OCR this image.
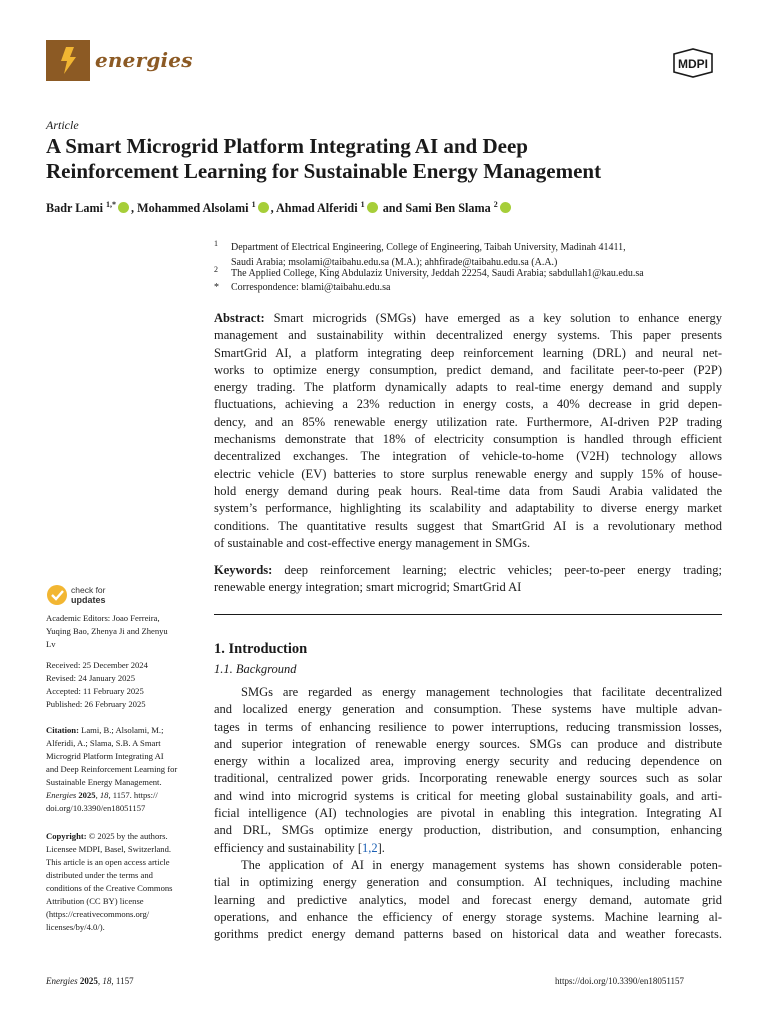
energies	MDPI
Article
A Smart Microgrid Platform Integrating AI and Deep
Reinforcement Learning for Sustainable Energy Management
Badr Lami $^{1,*}$ , Mohammed Alsolami $^1$ , Ahmad Alferidi $^1$ and Sami Ben Slama $^2$
1 Department of Electrical Engineering, College of Engineering, Taibah University, Madinah 41411,
Saudi Arabia; msolami@taibahu.edu.sa (M.A.); ahhfirade@taibahu.edu.sa (A.A.)
2 The Applied College, King Abdulaziz University, Jeddah 22254, Saudi Arabia; sabdullah1@kau.edu.sa
* Correspondence: blami@taibahu.edu.sa
Abstract: Smart microgrids (SMGs) have emerged as a key solution to enhance energy
management and sustainability within decentralized energy systems. This paper presents
SmartGrid AI, a platform integrating deep reinforcement learning (DRL) and neural net-
works to optimize energy consumption, predict demand, and facilitate peer-to-peer (P2P)
energy trading. The platform dynamically adapts to real-time energy demand and supply
fluctuations, achieving a 23% reduction in energy costs, a 40% decrease in grid depen-
dency, and an 85% renewable energy utilization rate. Furthermore, AI-driven P2P trading
mechanisms demonstrate that 18% of electricity consumption is handled through efficient
decentralized exchanges. The integration of vehicle-to-home (V2H) technology allows
electric vehicle (EV) batteries to store surplus renewable energy and supply 15% of house-
hold energy demand during peak hours. Real-time data from Saudi Arabia validated the
system’s performance, highlighting its scalability and adaptability to diverse energy market
conditions. The quantitative results suggest that SmartGrid AI is a revolutionary method
of sustainable and cost-effective energy management in SMGs.
Keywords: deep reinforcement learning; electric vehicles; peer-to-peer energy trading;
renewable energy integration; smart microgrid; SmartGrid AI
1. Introduction
1.1. Background
SMGs are regarded as energy management technologies that facilitate decentralized
and localized energy generation and consumption. These systems have multiple advan-
tages in terms of enhancing resilience to power interruptions, reducing transmission losses,
and superior integration of renewable energy sources. SMGs can produce and distribute
energy within a localized area, improving energy security and reducing dependence on
traditional, centralized power grids. Incorporating renewable energy sources such as solar
and wind into microgrid systems is critical for meeting global sustainability goals, and arti-
ficial intelligence (AI) technologies are pivotal in enabling this integration. Integrating AI
and DRL, SMGs optimize energy production, distribution, and consumption, enhancing
efficiency and sustainability [1,2].
The application of AI in energy management systems has shown considerable poten-
tial in optimizing energy generation and consumption. AI techniques, including machine
learning and predictive analytics, model and forecast energy demand, automate grid
operations, and enhance the efficiency of energy storage systems. Machine learning al-
gorithms predict energy demand patterns based on historical data and weather forecasts.
check for
updates
Academic Editors: Joao Ferreira,
Yuqing Bao, Zhenya Ji and Zhenyu
Lv
Received: 25 December 2024
Revised: 24 January 2025
Accepted: 11 February 2025
Published: 26 February 2025
Citation: Lami, B.; Alsolami, M.;
Alferidi, A.; Slama, S.B. A Smart
Microgrid Platform Integrating AI
and Deep Reinforcement Learning for
Sustainable Energy Management.
Energies 2025, 18, 1157. https://
doi.org/10.3390/en18051157
Copyright: © 2025 by the authors.
Licensee MDPI, Basel, Switzerland.
This article is an open access article
distributed under the terms and
conditions of the Creative Commons
Attribution (CC BY) license
(https://creativecommons.org/
licenses/by/4.0/).
Energies 2025, 18, 1157	https://doi.org/10.3390/en18051157
